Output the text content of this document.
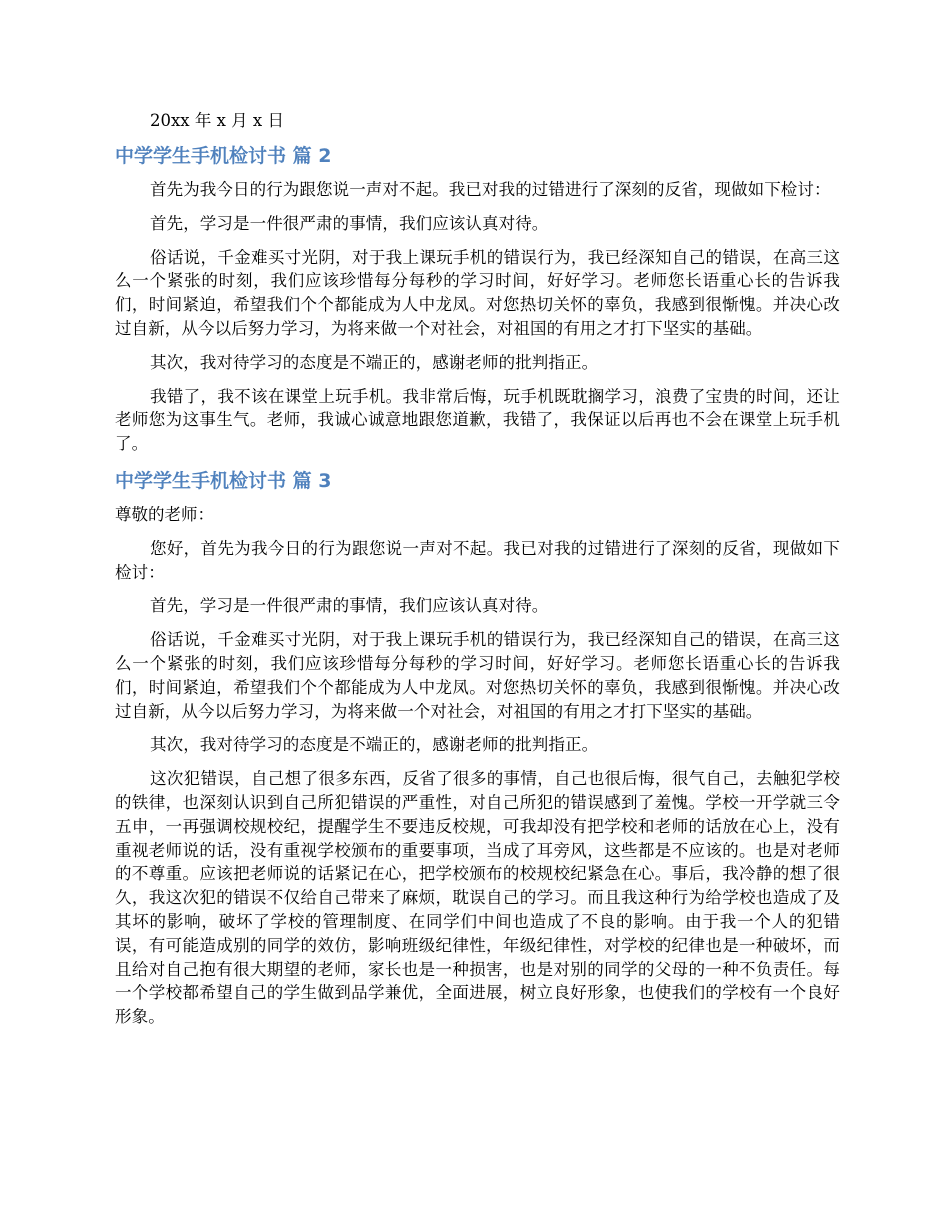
20xx 年 x 月 x 日
中学学生手机检讨书 篇 2

首先为我今日的行为跟您说一声对不起。我已对我的过错进行了深刻的反省，现做如下检讨：

首先，学习是一件很严肃的事情，我们应该认真对待。

俗话说，千金难买寸光阴，对于我上课玩手机的错误行为，我已经深知自己的错误，在高三这么一个紧张的时刻，我们应该珍惜每分每秒的学习时间，好好学习。老师您长语重心长的告诉我们，时间紧迫，希望我们个个都能成为人中龙凤。对您热切关怀的辜负，我感到很惭愧。并决心改过自新，从今以后努力学习，为将来做一个对社会，对祖国的有用之才打下坚实的基础。

其次，我对待学习的态度是不端正的，感谢老师的批判指正。

我错了，我不该在课堂上玩手机。我非常后悔，玩手机既耽搁学习，浪费了宝贵的时间，还让老师您为这事生气。老师，我诚心诚意地跟您道歉，我错了，我保证以后再也不会在课堂上玩手机了。

中学学生手机检讨书 篇 3

尊敬的老师：

您好，首先为我今日的行为跟您说一声对不起。我已对我的过错进行了深刻的反省，现做如下检讨：

首先，学习是一件很严肃的事情，我们应该认真对待。

俗话说，千金难买寸光阴，对于我上课玩手机的错误行为，我已经深知自己的错误，在高三这么一个紧张的时刻，我们应该珍惜每分每秒的学习时间，好好学习。老师您长语重心长的告诉我们，时间紧迫，希望我们个个都能成为人中龙凤。对您热切关怀的辜负，我感到很惭愧。并决心改过自新，从今以后努力学习，为将来做一个对社会，对祖国的有用之才打下坚实的基础。

其次，我对待学习的态度是不端正的，感谢老师的批判指正。

这次犯错误，自己想了很多东西，反省了很多的事情，自己也很后悔，很气自己，去触犯学校的铁律，也深刻认识到自己所犯错误的严重性，对自己所犯的错误感到了羞愧。学校一开学就三令五申，一再强调校规校纪，提醒学生不要违反校规，可我却没有把学校和老师的话放在心上，没有重视老师说的话，没有重视学校颁布的重要事项，当成了耳旁风，这些都是不应该的。也是对老师的不尊重。应该把老师说的话紧记在心，把学校颁布的校规校纪紧急在心。事后，我冷静的想了很久，我这次犯的错误不仅给自己带来了麻烦，耽误自己的学习。而且我这种行为给学校也造成了及其坏的影响，破坏了学校的管理制度、在同学们中间也造成了不良的影响。由于我一个人的犯错误，有可能造成别的同学的效仿，影响班级纪律性，年级纪律性，对学校的纪律也是一种破坏，而且给对自己抱有很大期望的老师，家长也是一种损害，也是对别的同学的父母的一种不负责任。每一个学校都希望自己的学生做到品学兼优，全面进展，树立良好形象，也使我们的学校有一个良好形象。
